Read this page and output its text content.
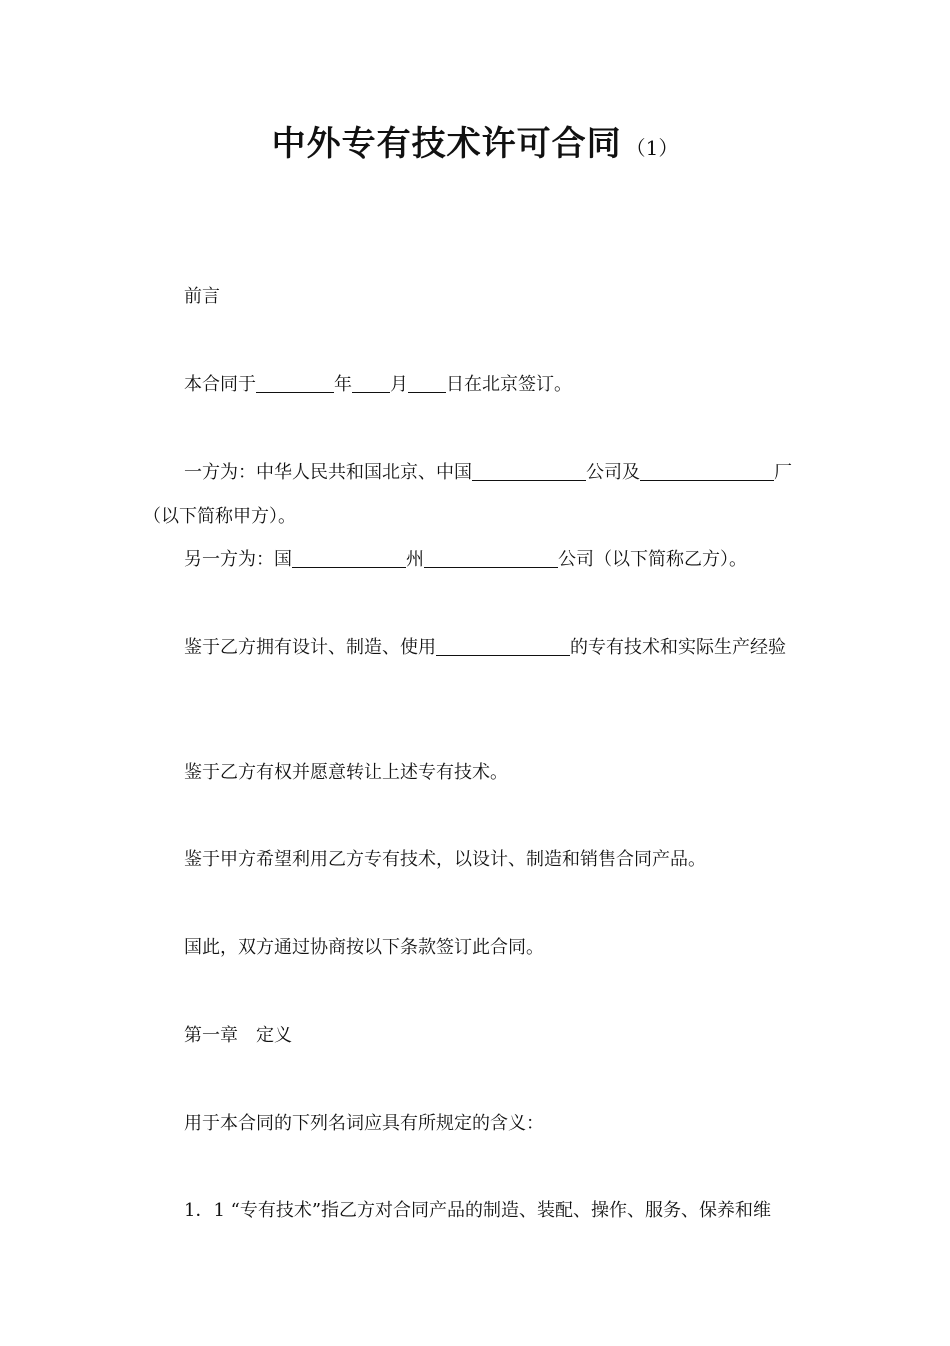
中外专有技术许可合同 （1）
前言
本合同于	年 月 日在北京签订。
一方为：中华人民共和国北京、中国	公司及	厂
（以下简称甲方）。
另一方为：国	州	公司（以下简称乙方）。
鉴于乙方拥有设计、制造、使用	的专有技术和实际生产经验
鉴于乙方有权并愿意转让上述专有技术。
鉴于甲方希望利用乙方专有技术，以设计、制造和销售合同产品。
国此，双方通过协商按以下条款签订此合同。
第一章　定义
用于本合同的下列名词应具有所规定的含义：
1．1 “专有技术”指乙方对合同产品的制造、装配、操作、服务、保养和维
